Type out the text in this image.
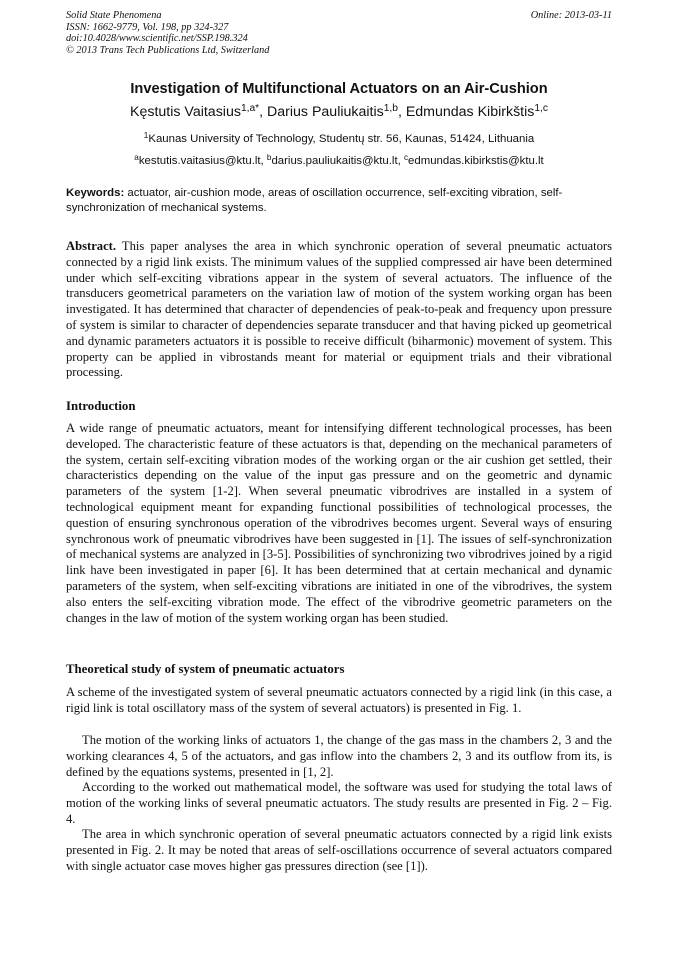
Solid State Phenomena
ISSN: 1662-9779, Vol. 198, pp 324-327
doi:10.4028/www.scientific.net/SSP.198.324
© 2013 Trans Tech Publications Ltd, Switzerland
Online: 2013-03-11
Investigation of Multifunctional Actuators on an Air-Cushion
Kęstutis Vaitasius$^{1,a*}$, Darius Pauliukaitis$^{1,b}$, Edmundas Kibirkštis$^{1,c}$
$^1$Kaunas University of Technology, Studentų str. 56, Kaunas, 51424, Lithuania
$^a$kestutis.vaitasius@ktu.lt, $^b$darius.pauliukaitis@ktu.lt, $^c$edmundas.kibirkstis@ktu.lt

Keywords: actuator, air-cushion mode, areas of oscillation occurrence, self-exciting vibration, self-synchronization of mechanical systems.

Abstract. This paper analyses the area in which synchronic operation of several pneumatic actuators connected by a rigid link exists. The minimum values of the supplied compressed air have been determined under which self-exciting vibrations appear in the system of several actuators. The influence of the transducers geometrical parameters on the variation law of motion of the system working organ has been investigated. It has determined that character of dependencies of peak-to-peak and frequency upon pressure of system is similar to character of dependencies separate transducer and that having picked up geometrical and dynamic parameters actuators it is possible to receive difficult (biharmonic) movement of system. This property can be applied in vibrostands meant for material or equipment trials and their vibrational processing.

Introduction

A wide range of pneumatic actuators, meant for intensifying different technological processes, has been developed. The characteristic feature of these actuators is that, depending on the mechanical parameters of the system, certain self-exciting vibration modes of the working organ or the air cushion get settled, their characteristics depending on the value of the input gas pressure and on the geometric and dynamic parameters of the system [1-2]. When several pneumatic vibrodrives are installed in a system of technological equipment meant for expanding functional possibilities of technological processes, the question of ensuring synchronous operation of the vibrodrives becomes urgent. Several ways of ensuring synchronous work of pneumatic vibrodrives have been suggested in [1]. The issues of self-synchronization of mechanical systems are analyzed in [3-5]. Possibilities of synchronizing two vibrodrives joined by a rigid link have been investigated in paper [6]. It has been determined that at certain mechanical and dynamic parameters of the system, when self-exciting vibrations are initiated in one of the vibrodrives, the system also enters the self-exciting vibration mode. The effect of the vibrodrive geometric parameters on the changes in the law of motion of the system working organ has been studied.

Theoretical study of system of pneumatic actuators

A scheme of the investigated system of several pneumatic actuators connected by a rigid link (in this case, a rigid link is total oscillatory mass of the system of several actuators) is presented in Fig. 1.

The motion of the working links of actuators 1, the change of the gas mass in the chambers 2, 3 and the working clearances 4, 5 of the actuators, and gas inflow into the chambers 2, 3 and its outflow from its, is defined by the equations systems, presented in [1, 2].

According to the worked out mathematical model, the software was used for studying the total laws of motion of the working links of several pneumatic actuators. The study results are presented in Fig. 2 – Fig. 4.

The area in which synchronic operation of several pneumatic actuators connected by a rigid link exists presented in Fig. 2. It may be noted that areas of self-oscillations occurrence of several actuators compared with single actuator case moves higher gas pressures direction (see [1]).
